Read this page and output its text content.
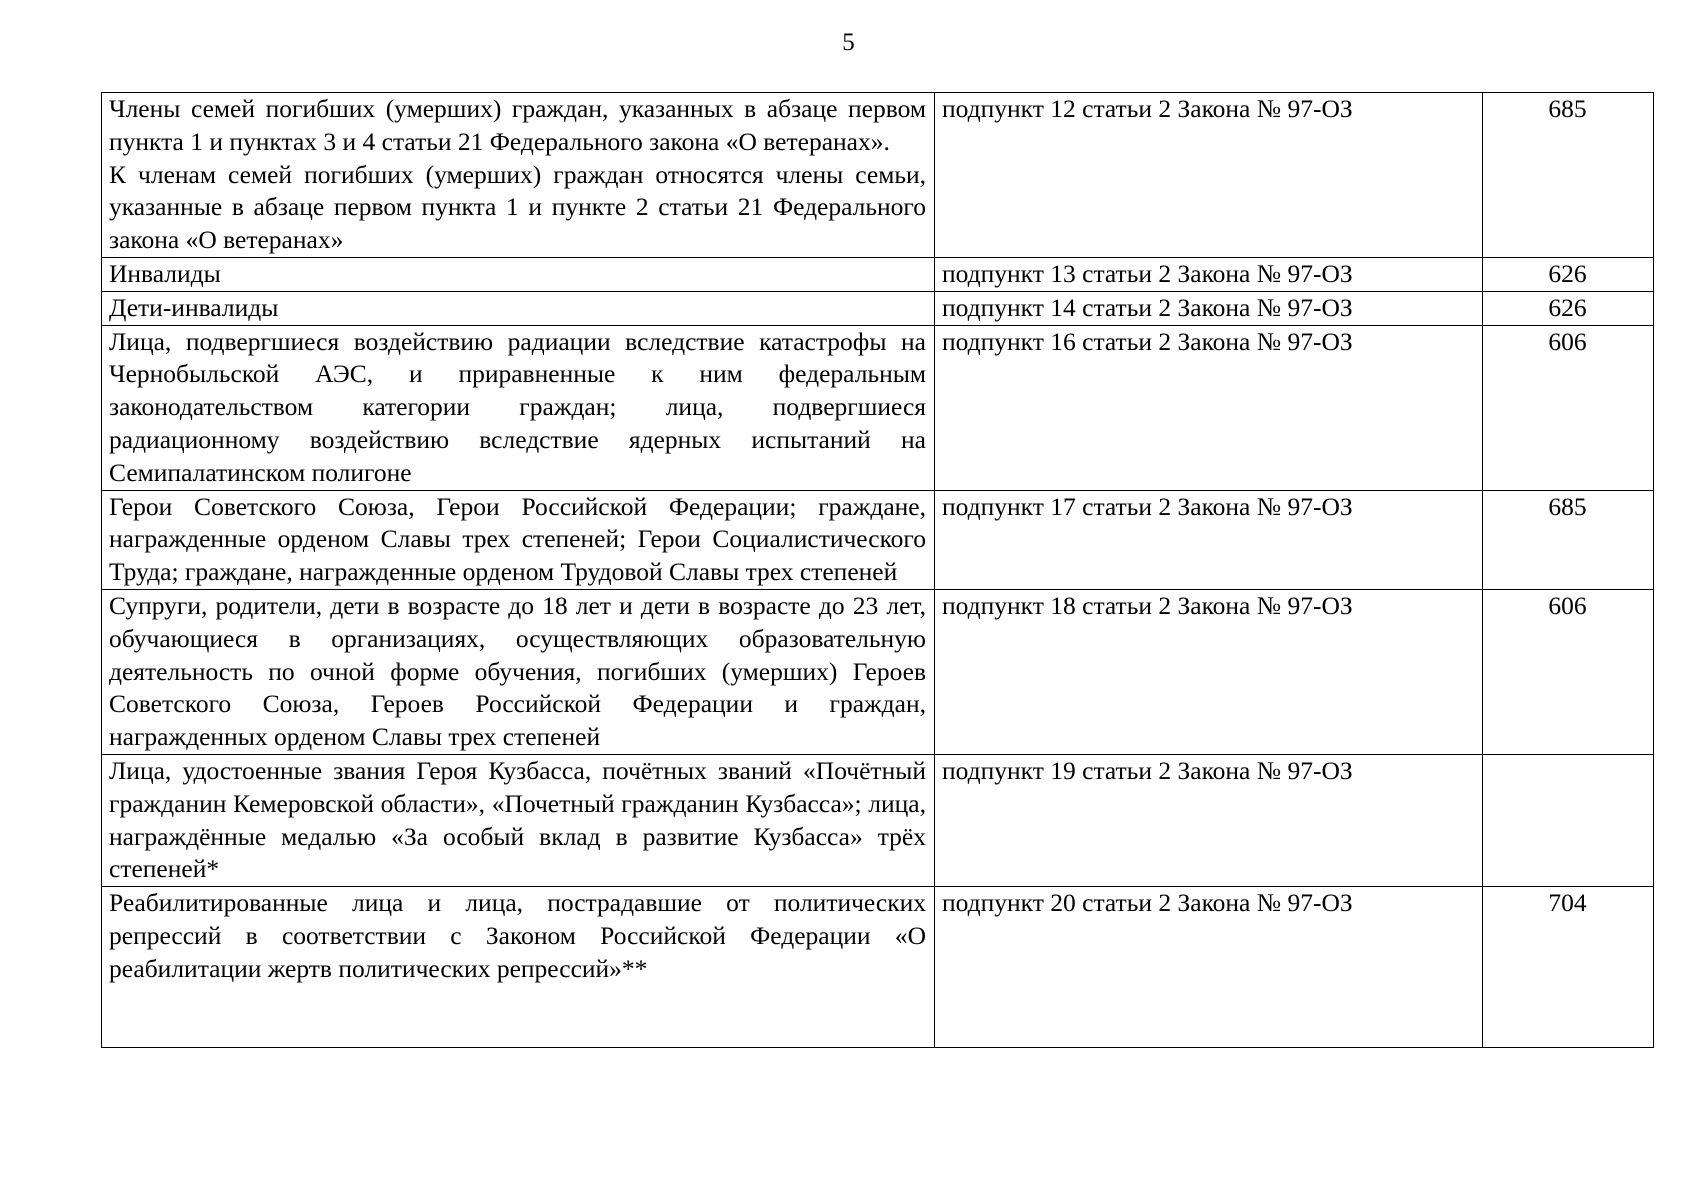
5
Члены семей погибших (умерших) граждан, указанных в абзаце первом пункта 1 и пунктах 3 и 4 статьи 21 Федерального закона «О ветеранах».
К членам семей погибших (умерших) граждан относятся члены семьи, указанные в абзаце первом пункта 1 и пункте 2 статьи 21 Федерального закона «О ветеранах»	подпункт 12 статьи 2 Закона № 97-ОЗ	685

Инвалиды	подпункт 13 статьи 2 Закона № 97-ОЗ	626

Дети-инвалиды	подпункт 14 статьи 2 Закона № 97-ОЗ	626

Лица, подвергшиеся воздействию радиации вследствие катастрофы на Чернобыльской АЭС, и приравненные к ним федеральным законодательством категории граждан; лица, подвергшиеся радиационному воздействию вследствие ядерных испытаний на Семипалатинском полигоне	подпункт 16 статьи 2 Закона № 97-ОЗ	606

Герои Советского Союза, Герои Российской Федерации; граждане, награжденные орденом Славы трех степеней; Герои Социалистического Труда; граждане, награжденные орденом Трудовой Славы трех степеней	подпункт 17 статьи 2 Закона № 97-ОЗ	685

Супруги, родители, дети в возрасте до 18 лет и дети в возрасте до 23 лет, обучающиеся в организациях, осуществляющих образовательную деятельность по очной форме обучения, погибших (умерших) Героев Советского Союза, Героев Российской Федерации и граждан, награжденных орденом Славы трех степеней	подпункт 18 статьи 2 Закона № 97-ОЗ	606

Лица, удостоенные звания Героя Кузбасса, почётных званий «Почётный гражданин Кемеровской области», «Почетный гражданин Кузбасса»; лица, награждённые медалью «За особый вклад в развитие Кузбасса» трёх степеней*	подпункт 19 статьи 2 Закона № 97-ОЗ	

Реабилитированные лица и лица, пострадавшие от политических репрессий в соответствии с Законом Российской Федерации «О реабилитации жертв политических репрессий»**	подпункт 20 статьи 2 Закона № 97-ОЗ	704
